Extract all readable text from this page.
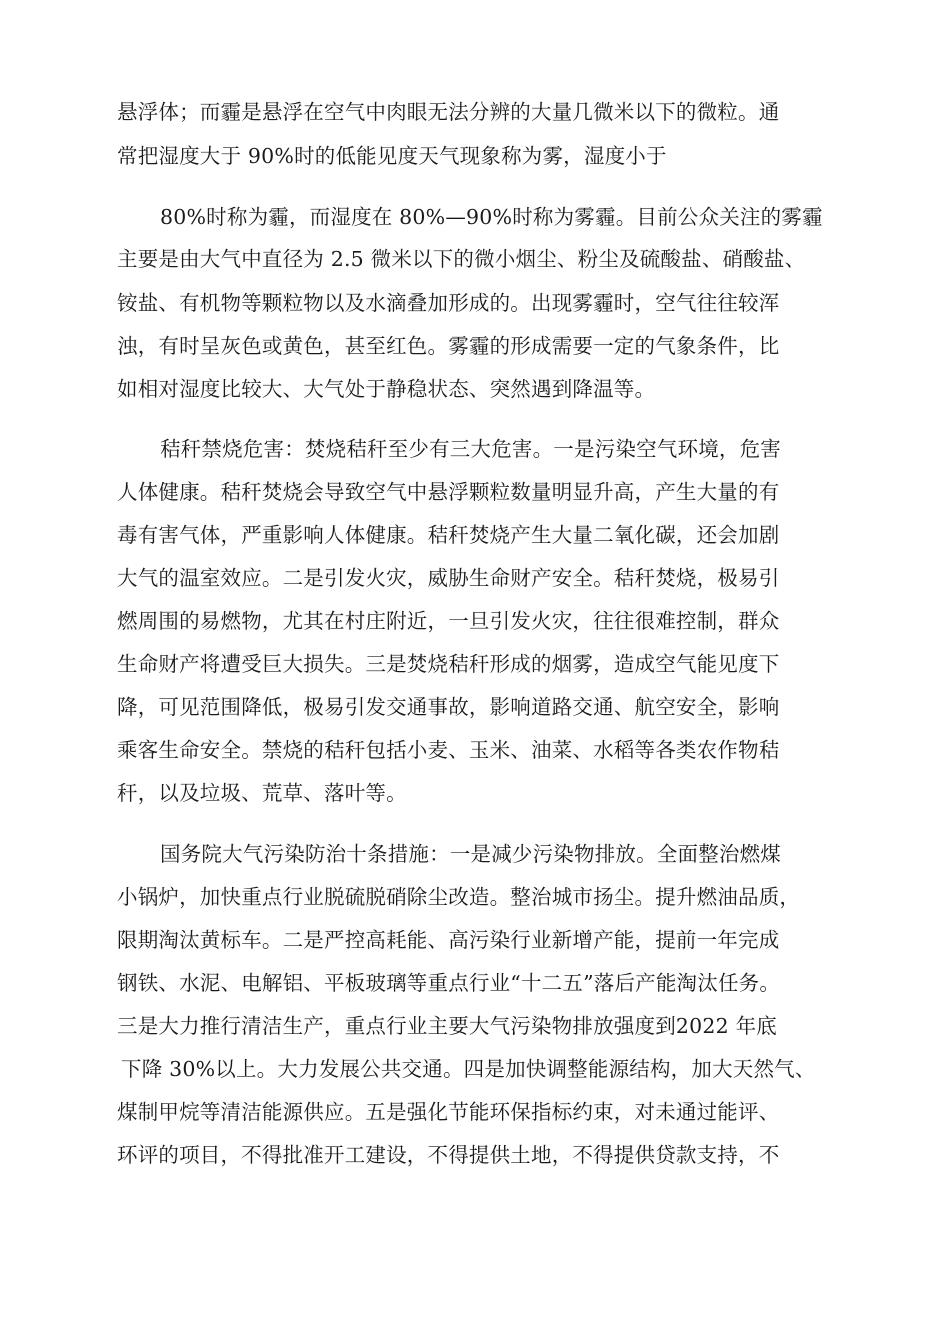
悬浮体；而霾是悬浮在空气中肉眼无法分辨的大量几微米以下的微粒。通
常把湿度大于 90%时的低能见度天气现象称为雾，湿度小于
80%时称为霾，而湿度在 80%—90%时称为雾霾。目前公众关注的雾霾
主要是由大气中直径为 2.5 微米以下的微小烟尘、粉尘及硫酸盐、硝酸盐、
铵盐、有机物等颗粒物以及水滴叠加形成的。出现雾霾时，空气往往较浑
浊，有时呈灰色或黄色，甚至红色。雾霾的形成需要一定的气象条件，比
如相对湿度比较大、大气处于静稳状态、突然遇到降温等。
秸秆禁烧危害：焚烧秸秆至少有三大危害。一是污染空气环境，危害
人体健康。秸秆焚烧会导致空气中悬浮颗粒数量明显升高，产生大量的有
毒有害气体，严重影响人体健康。秸秆焚烧产生大量二氧化碳，还会加剧
大气的温室效应。二是引发火灾，威胁生命财产安全。秸秆焚烧，极易引
燃周围的易燃物，尤其在村庄附近，一旦引发火灾，往往很难控制，群众
生命财产将遭受巨大损失。三是焚烧秸秆形成的烟雾，造成空气能见度下
降，可见范围降低，极易引发交通事故，影响道路交通、航空安全，影响
乘客生命安全。禁烧的秸秆包括小麦、玉米、油菜、水稻等各类农作物秸
秆，以及垃圾、荒草、落叶等。
国务院大气污染防治十条措施：一是减少污染物排放。全面整治燃煤
小锅炉，加快重点行业脱硫脱硝除尘改造。整治城市扬尘。提升燃油品质，
限期淘汰黄标车。二是严控高耗能、高污染行业新增产能，提前一年完成
钢铁、水泥、电解铝、平板玻璃等重点行业“十二五”落后产能淘汰任务。
三是大力推行清洁生产，重点行业主要大气污染物排放强度到2022 年底
下降 30%以上。大力发展公共交通。四是加快调整能源结构，加大天然气、
煤制甲烷等清洁能源供应。五是强化节能环保指标约束，对未通过能评、
环评的项目，不得批准开工建设，不得提供土地，不得提供贷款支持，不
